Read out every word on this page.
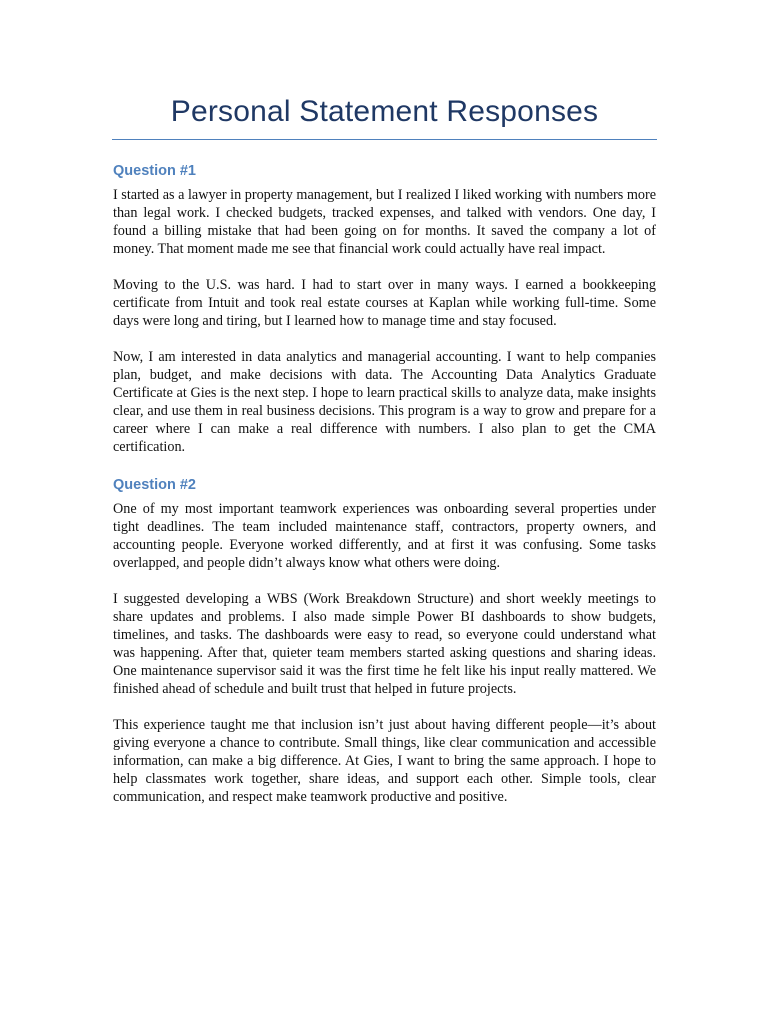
Personal Statement Responses
Question #1

I started as a lawyer in property management, but I realized I liked working with numbers more than legal work. I checked budgets, tracked expenses, and talked with vendors. One day, I found a billing mistake that had been going on for months. It saved the company a lot of money. That moment made me see that financial work could actually have real impact.

Moving to the U.S. was hard. I had to start over in many ways. I earned a bookkeeping certificate from Intuit and took real estate courses at Kaplan while working full-time. Some days were long and tiring, but I learned how to manage time and stay focused.

Now, I am interested in data analytics and managerial accounting. I want to help companies plan, budget, and make decisions with data. The Accounting Data Analytics Graduate Certificate at Gies is the next step. I hope to learn practical skills to analyze data, make insights clear, and use them in real business decisions. This program is a way to grow and prepare for a career where I can make a real difference with numbers. I also plan to get the CMA certification.

Question #2

One of my most important teamwork experiences was onboarding several properties under tight deadlines. The team included maintenance staff, contractors, property owners, and accounting people. Everyone worked differently, and at first it was confusing. Some tasks overlapped, and people didn’t always know what others were doing.

I suggested developing a WBS (Work Breakdown Structure) and short weekly meetings to share updates and problems. I also made simple Power BI dashboards to show budgets, timelines, and tasks. The dashboards were easy to read, so everyone could understand what was happening. After that, quieter team members started asking questions and sharing ideas. One maintenance supervisor said it was the first time he felt like his input really mattered. We finished ahead of schedule and built trust that helped in future projects.

This experience taught me that inclusion isn’t just about having different people—it’s about giving everyone a chance to contribute. Small things, like clear communication and accessible information, can make a big difference. At Gies, I want to bring the same approach. I hope to help classmates work together, share ideas, and support each other. Simple tools, clear communication, and respect make teamwork productive and positive.
